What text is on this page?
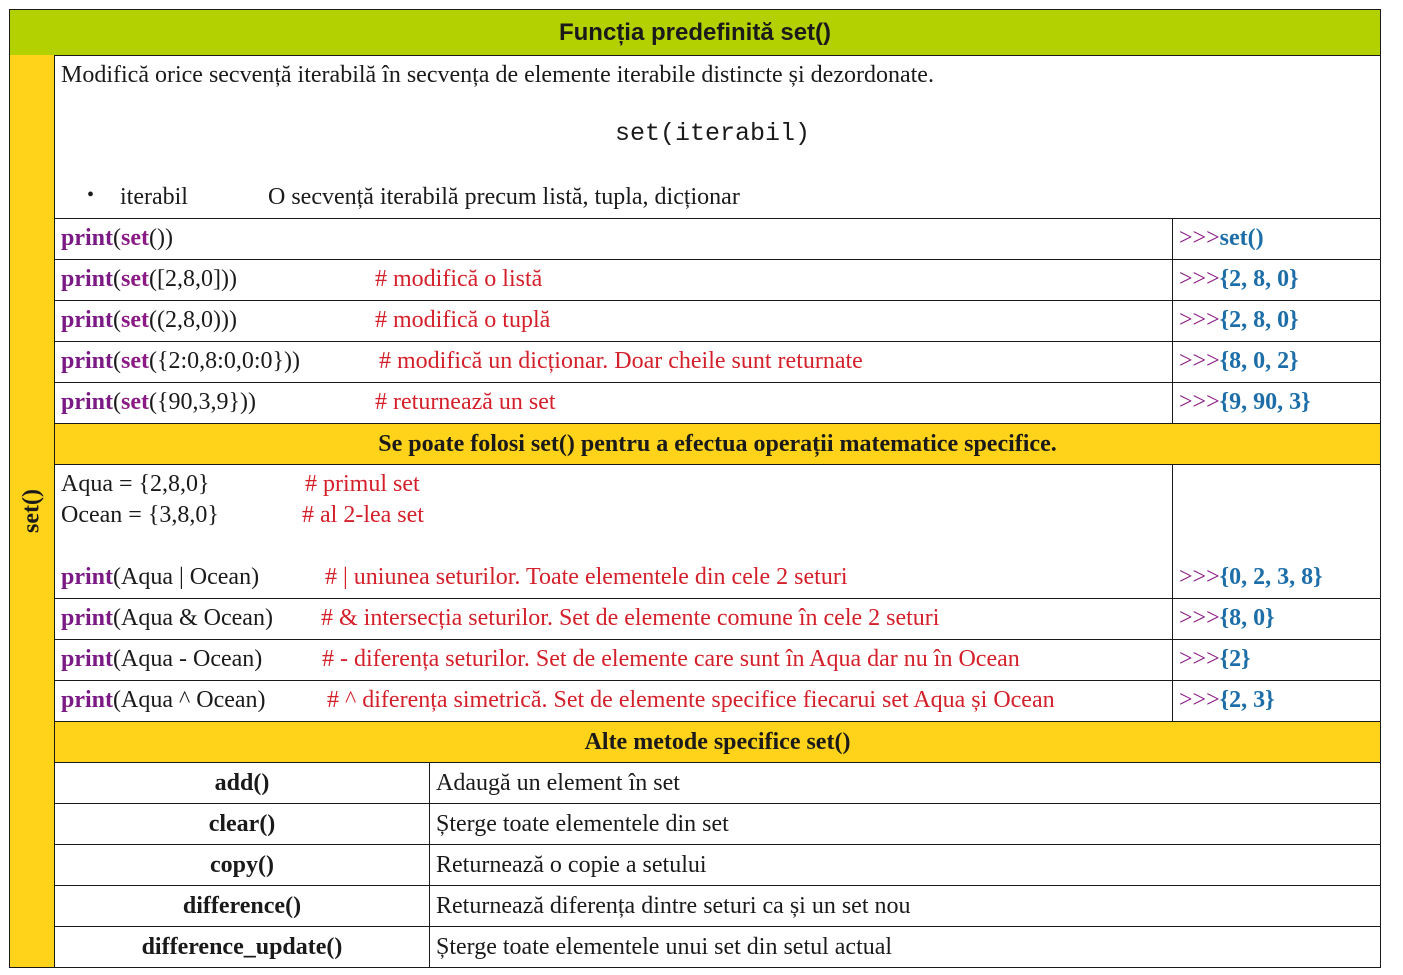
Funcția predefinită set()
set()
Modifică orice secvență iterabilă în secvența de elemente iterabile distincte și dezordonate.
set(iterabil)
• iterabil	O secvență iterabilă precum listă, tupla, dicționar
print(set())	>>>set()
print(set([2,8,0]))	# modifică o listă	>>>{2, 8, 0}
print(set((2,8,0)))	# modifică o tuplă	>>>{2, 8, 0}
print(set({2:0,8:0,0:0}))	# modifică un dicționar. Doar cheile sunt returnate	>>>{8, 0, 2}
print(set({90,3,9}))	# returnează un set	>>>{9, 90, 3}
Se poate folosi set() pentru a efectua operații matematice specifice.
Aqua = {2,8,0}	# primul set
Ocean = {3,8,0}	# al 2-lea set
print(Aqua | Ocean)	# | uniunea seturilor. Toate elementele din cele 2 seturi	>>>{0, 2, 3, 8}
print(Aqua & Ocean) # & intersecția seturilor. Set de elemente comune în cele 2 seturi	>>>{8, 0}
print(Aqua - Ocean) # - diferența seturilor. Set de elemente care sunt în Aqua dar nu în Ocean	>>>{2}
print(Aqua ^ Ocean)	# ^ diferența simetrică. Set de elemente specifice fiecarui set Aqua și Ocean	>>>{2, 3}
Alte metode specifice set()
add()	Adaugă un element în set
clear()	Șterge toate elementele din set
copy()	Returnează o copie a setului
difference()	Returnează diferența dintre seturi ca și un set nou
difference_update()	Șterge toate elementele unui set din setul actual
